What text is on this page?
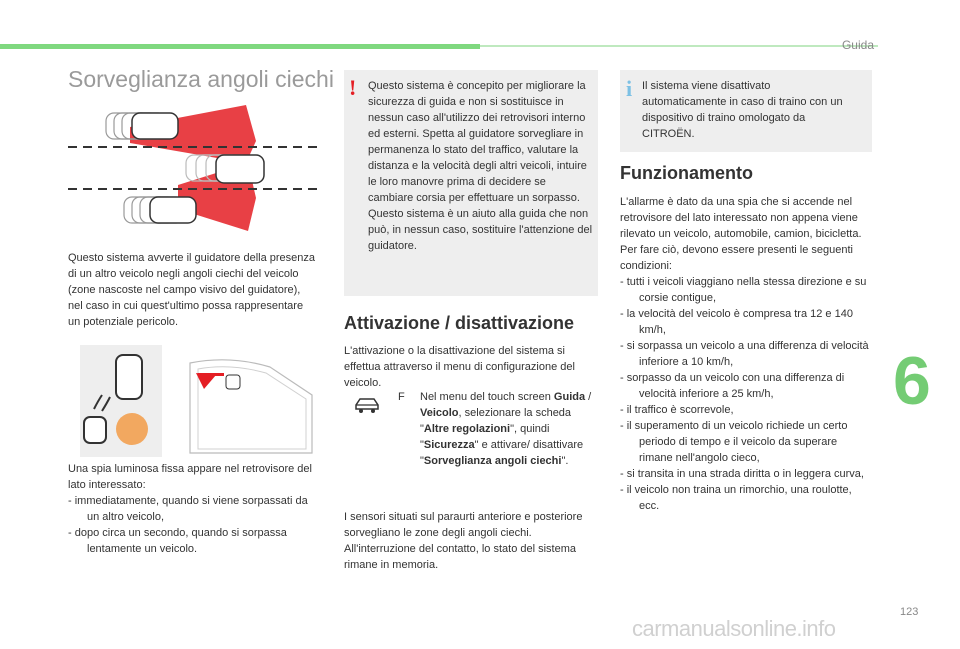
Guida
6
123
carmanualsonline.info
Sorveglianza angoli ciechi
Questo sistema avverte il guidatore della presenza di un altro veicolo negli angoli ciechi del veicolo (zone nascoste nel campo visivo del guidatore), nel caso in cui quest'ultimo possa rappresentare un potenziale pericolo.

Una spia luminosa fissa appare nel retrovisore del lato interessato:

- immediatamente, quando si viene sorpassati da un altro veicolo,

- dopo circa un secondo, quando si sorpassa lentamente un veicolo.

! Questo sistema è concepito per migliorare la sicurezza di guida e non si sostituisce in nessun caso all'utilizzo dei retrovisori interno ed esterni. Spetta al guidatore sorvegliare in permanenza lo stato del traffico, valutare la distanza e la velocità degli altri veicoli, intuire le loro manovre prima di decidere se cambiare corsia per effettuare un sorpasso.

Questo sistema è un aiuto alla guida che non può, in nessun caso, sostituire l'attenzione del guidatore.

Attivazione / disattivazione
L'attivazione o la disattivazione del sistema si effettua attraverso il menu di configurazione del veicolo.
F	Nel menu del touch screen Guida / Veicolo, selezionare la scheda "Altre regolazioni", quindi "Sicurezza" e attivare/ disattivare "Sorveglianza angoli ciechi".

I sensori situati sul paraurti anteriore e posteriore sorvegliano le zone degli angoli ciechi.

All'interruzione del contatto, lo stato del sistema rimane in memoria.

i Il sistema viene disattivato automaticamente in caso di traino con un dispositivo di traino omologato da CITROËN.
Funzionamento

L'allarme è dato da una spia che si accende nel retrovisore del lato interessato non appena viene rilevato un veicolo, automobile, camion, bicicletta.

Per fare ciò, devono essere presenti le seguenti condizioni:

- tutti i veicoli viaggiano nella stessa direzione e su corsie contigue,

- la velocità del veicolo è compresa tra 12 e 140 km/h,

- si sorpassa un veicolo a una differenza di velocità inferiore a 10 km/h,

- sorpasso da un veicolo con una differenza di velocità inferiore a 25 km/h,

- il traffico è scorrevole,

- il superamento di un veicolo richiede un certo periodo di tempo e il veicolo da superare rimane nell'angolo cieco,

- si transita in una strada diritta o in leggera curva,

- il veicolo non traina un rimorchio, una roulotte, ecc.
